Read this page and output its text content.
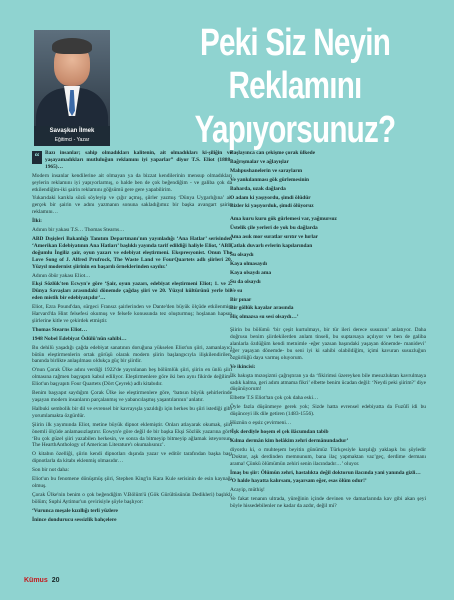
Savaşkan İlmek
Eğitimci - Yazar
Peki Siz Neyin
Reklamını Yapıyorsunuz?

“	Bazı insanlar; sahip olmadıkları kalitenin, ait olmadıkları ki-şiliğin ve yaşayamadıkları mutluluğun reklamını iyi yaparlar” diyor T.S. Eliot (1888-1965)…

Modern insanlar kendilerine ait olmayan ya da bizzat kendilerinin mensup olmadıkları şeylerin reklamını iyi yapıyorlarmış, o halde ben de çok beğendiğim - ve galiba çok da etkilendiğim-iki şairin reklamını göğsümü gere gere yapabilirim.

Yukarıdaki karıkla sözü söyleyip ve çığır açmış, şiirler yazmış ‘Dünya Uygarlığına’ ait gerçek bir şairin ve adını yazmanın sonuna sakladığımız bir başka avangart şairin reklamını…

İlki:

Adının bir yakası T.S… Thomas Stearns…

ABD Dışişleri Bakanlığı Tanıtım Departmanı'nın yayınladığı ‘Ana Hatlar’ serisinden ‘Amerikan Edebiyatının Ana Hatları’ başlıklı yayında tarif edildiği haliyle Eliot, ‘ABD doğumlu İngiliz şair, oyun yazarı ve edebiyat eleştirmeni. Ekspresyonist. Onun The Love Song of J. Alfred Prufrock, The Waste Land ve FourQuartets adlı şiirleri 20. Yüzyıl modernist şiirinin en başarılı örneklerinden sayılır.’

Adının öbür yakası Eliot…

Ekşi Sözlük'ten Ecwyn'e göre ‘Şair, oyun yazarı, edebiyat eleştirmeni Eliot; 1. ve 2. Dünya Savaşları arasındaki dönemde çağdaş şiiri ve 20. Yüzyıl kültürünü yerle bir eden mistik bir edebiyatçıdır’…

Eliot, Ezra Pound'dan, sürgeci Fransız şairlerinden ve Dante'den büyük ölçüde etkilenmiş; Harvard'da Hint felsefesi okumuş ve felsefe konusunda tez oluşturmuş; hoşlanan hapsın şiirlerine kitle ve çekirdek etmiştir.

Thomas Stearns Eliot…

1948 Nobel Edebiyat Ödülü'nün sahibi…

Bu dehilü yaşadığı çağda edebiyat sanatının doruğuna yükselen Eliot'un şiiri, zamanlayıcı bütün eleştirmenlerin ortak görüşü olarak modern şiirin başlangıcıyla ilişkilendirilen, banında birlikte anlaşılması oldukça güç bir şiirdir.

O'nun Çorak Ülke adını verdiği 1922'de yayınlanan beş bölümlük şiiri, şiirin en ünlü şiiri olmasına rağmen başyapıtı kabul ediliyor. Eleştirmenlere göre iki ben aynı fikirde değilim-Eliot'un başyapıtı Four Quartets (Dört Çeyrek) adlı kitabıdır.

Benim başyapıt saydığım Çorak Ülke ise eleştirmenlere göre, ‘batısın büyük şehirlerinde yaşayan modern insanların parçalanmış ve yabancılaşmış yaşantılarının’ anlatır.

Halbuki sembolik bir dil ve evrensel bir kavrayışla yazıldığı için herkes bu şiiri istediği gibi yorumlamakta özgürdür.

Şiirin ilk yayımında Eliot, metine büyük dipnot eklemiştir. Onları atlayarak okumak, şiiri önemli ölçüde anlamasızlaştırır. Eowyn'e göre değil de bir başka Ekşi Sözlük yazarına göre ‘Bu çok güzel şiiri yazabilen herkesin, ve sonra da bitmeyip bitmeyip ağlamak isteyorsun. The HearthAnthology of American Literature'ı okumalısınız’.

O kitabın özelliği, şiirin kendi dipnotları dışında yazar ve editör tarafından başka başı dipnotlarla da kitabı eklenmiş olmasıdır…

Son bir not daha:

Eliot'un bu fenomene dönüşmüş şiiri, Stephen King'in Kara Kule serisinin de esin kaynağı olmuş.

Çorak Ülke'nin benim o çok beğendiğim V.Bölüm'ü (Gök Gürültüsünün Dedikleri) başlıklı bölüm; Suphi Aytimur'un çevirisiyle şöyle başlıyor:

‘Vurunca meşale kızıllığı terli yüzlere

İnince dondurucu sessizlik bahçelere

Başlayınca can çekişme çorak ülkede

Bağrışmalar ve ağlayışlar

Mahpushanelerin ve sarayların

Ve yankılanması gök gürlemesinin

Baharda, uzak dağlarda

O adam ki yaşıyordu, şimdi ölüdür

Bizler ki yaşıyorduk, şimdi ölüyoruz

Ama kuru kuru gök gürlemesi var, yağmursuz

Üstelik çile yerleri de yok bu dağlarda

Ama asık mor suratlar sırıtır ve hırlar

Çatlak duvarlı evlerin kapılarından

Su olsaydı

Kaya olmasaydı

Kaya olsaydı ama

Su da olsaydı

Ve su

Bir pınar

Bir göllük kayalar arasında

Hiç olmazsa su sesi olsaydı…’

Şiirin bu bölümü ‘bir çeşit kurtulmayı, bir tür ileri derece susuzun’ anlatıyor. Daha doğrusu benim şiirdekilerden anlam tinseli, bu suptarsaya açılıyor ve ben de galiba alanlarla özdüğüm kendi metnimle -eğer yazsan başındaki yaşayan dönemde- manidevi’ eğer yaşayan dönemde- bu seni iyi ki sahibi olabildiğim, içimi kavuran susuzluğun özgürlüğü daya varmış oluyorum.

Ve ikincisi:

İlk bakışta mızoşizmi çağrıştıran ya da ‘fikirimsi üzereyken bile mesuzluktan kavrulmaya sadık kalma, geri adım atmama fikri’ elbette benim ücadan değil: ‘Neydi peki şiirim?’ diye düşünüyorum!

Elbette T.S Eliot'tan çok çok daha eski…

Öyle fazla düşünmeye gerek yok; Sizde hatta evrensel edebiyatta da Fuzûlî idi bu düşünceyi ilk dile getiren (1483-1556).

Hüznün o eşsiz çevirmeni…

‘İşk derdiyle hoşem el çek ilâcumdan tabib

Kılma dermân kim helâkim zehri dermânundadur’

diyordu ki, o muhteşem beyitin günümüz Türkçesiyle karşılığı yaklaşık bu şöyledir ‘Doktor, aşk derdinden memnunum, bana ilaç yapmaktan vaz’geç, derdime dermanı arama! Çünkü ölümümün zehiri senin ilacındadır…’ oluyor.

İmaş bu şiir: Ölümün zehri, hastalıkta değil doktorun ilacında yani yanında gizli…

‘O halde hayatta kalırsam, yaşarsam eğer, esas ölüm odur!’

Acayip, müthiş!

Ve fakat tenanın ultrada, yüreğinin içinde devinen ve damarlarında kav gibi akan şeyi böyle hissedebilenler ne kadar da azdır, değil mi?

Kümus 20
